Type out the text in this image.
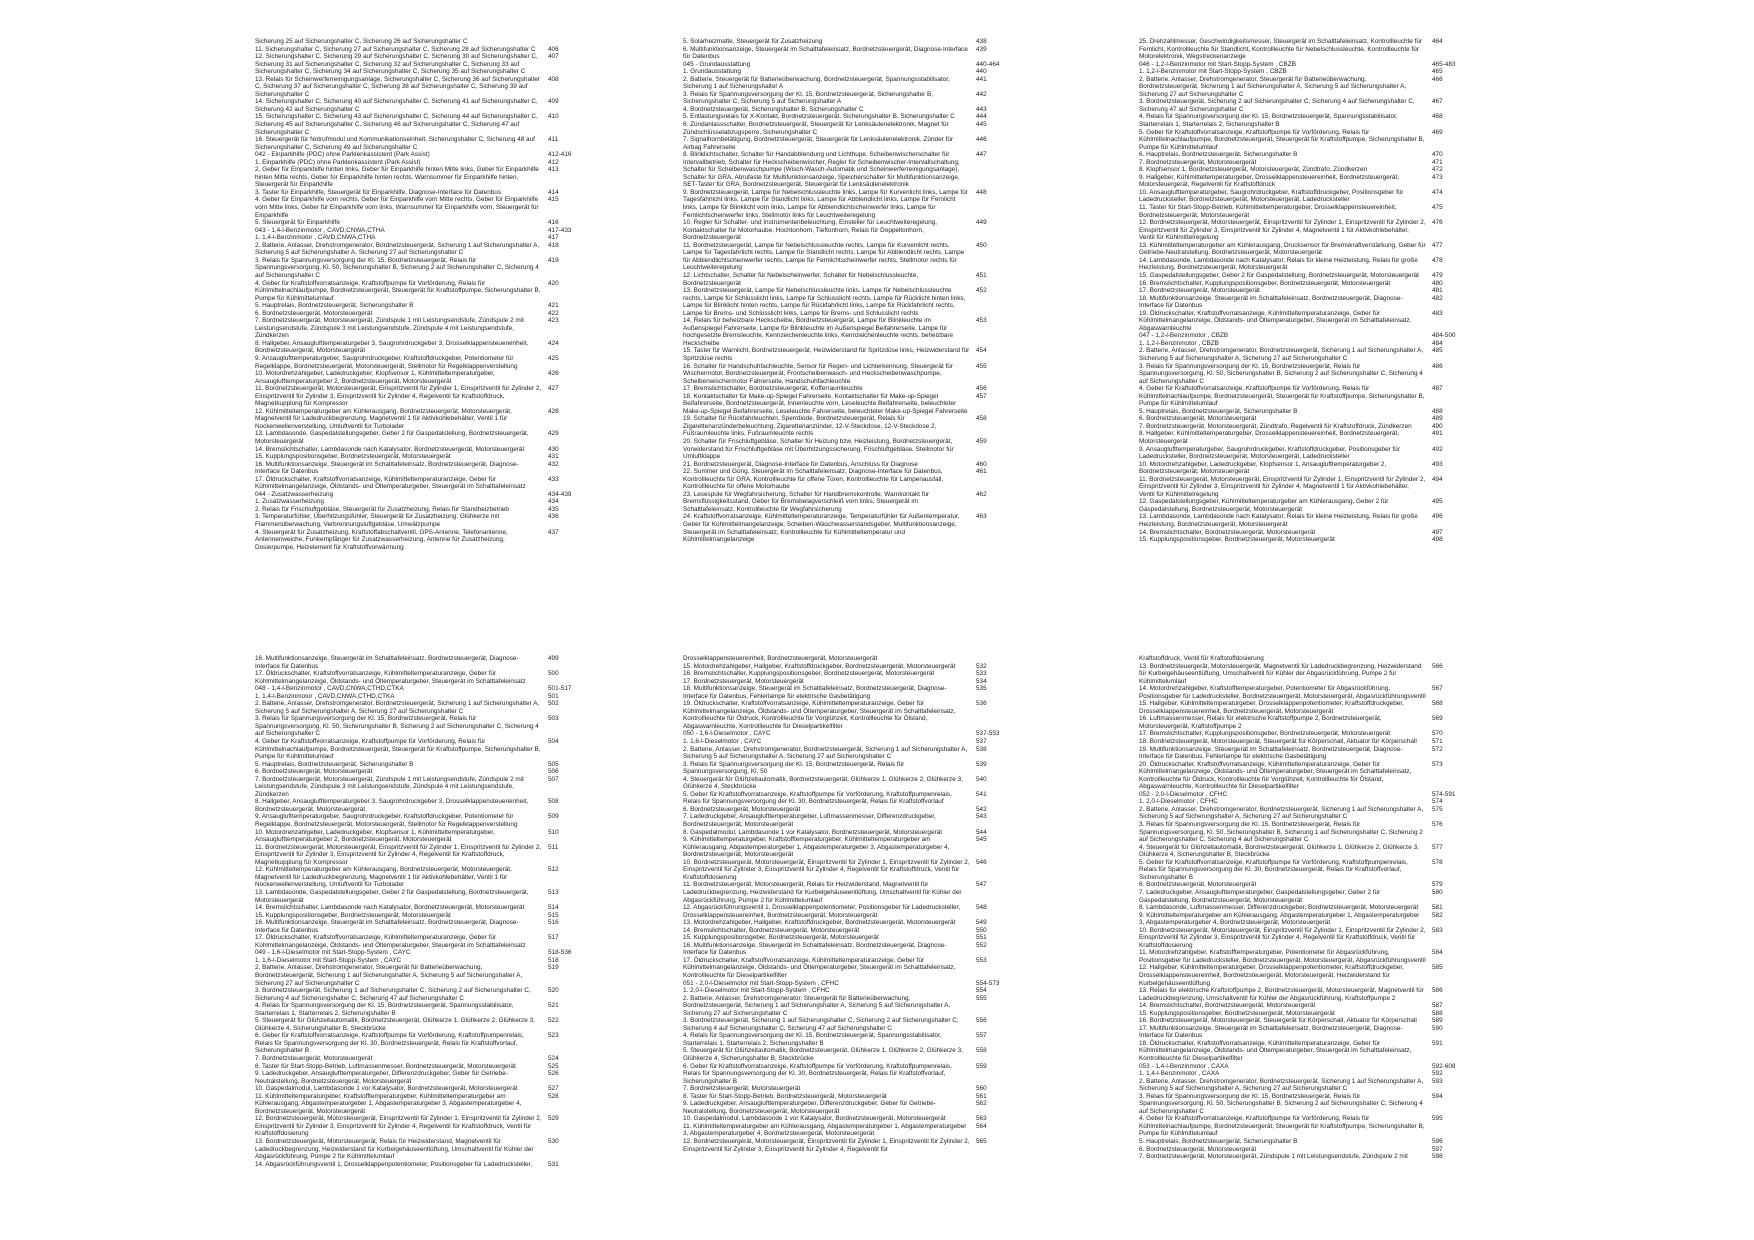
Sicherung 25 auf Sicherungshalter C, Sicherung 26 auf Sicherungshalter C
11. Sicherungshalter C, Sicherung 27 auf Sicherungshalter C, Sicherung 28 auf Sicherungshalter C	406
12. Sicherungshalter C, Sicherung 29 auf Sicherungshalter C, Sicherung 30 auf Sicherungshalter C, Sicherung 31 auf Sicherungshalter C, Sicherung 32 auf Sicherungshalter C, Sicherung 33 auf Sicherungshalter C, Sicherung 34 auf Sicherungshalter C, Sicherung 35 auf Sicherungshalter C
407
13. Relais für Scheinwerferreinigungsanlage, Sicherungshalter C, Sicherung 36 auf Sicherungshalter C, Sicherung 37 auf Sicherungshalter C, Sicherung 38 auf Sicherungshalter C, Sicherung 39 auf Sicherungshalter C
408
14. Sicherungshalter C, Sicherung 40 auf Sicherungshalter C, Sicherung 41 auf Sicherungshalter C, Sicherung 42 auf Sicherungshalter C
409
15. Sicherungshalter C, Sicherung 43 auf Sicherungshalter C, Sicherung 44 auf Sicherungshalter C, Sicherung 45 auf Sicherungshalter C, Sicherung 46 auf Sicherungshalter C, Sicherung 47 auf Sicherungshalter C
410
16. Steuergerät für Notrufmodul und Kommunikationseinheit, Sicherungshalter C, Sicherung 48 auf Sicherungshalter C, Sicherung 49 auf Sicherungshalter C
411
042 - Einparkhilfe (PDC) ohne Parklenkassistent (Park Assist)	412-416
1. Einparkhilfe (PDC) ohne Parklenkassistent (Park Assist)	412
2. Geber für Einparkhilfe hinten links, Geber für Einparkhilfe hinten Mitte links, Geber für Einparkhilfe hinten Mitte rechts, Geber für Einparkhilfe hinten rechts, Warnsummer für Einparkhilfe hinten, Steuergerät für Einparkhilfe
413
3. Taster für Einparkhilfe, Steuergerät für Einparkhilfe, Diagnose-Interface für Datenbus	414
4. Geber für Einparkhilfe vorn rechts, Geber für Einparkhilfe vorn Mitte rechts, Geber für Einparkhilfe vorn Mitte links, Geber für Einparkhilfe vorn links, Warnsummer für Einparkhilfe vorn, Steuergerät für Einparkhilfe
415
5. Steuergerät für Einparkhilfe	416
043 - 1,4-l-Benzinmotor , CAVD,CNWA,CTHA	417-433
1. 1,4-l-Benzinmotor , CAVD,CNWA,CTHA	417
2. Batterie, Anlasser, Drehstromgenerator, Bordnetzsteuergerät, Sicherung 1 auf Sicherungshalter A, Sicherung 5 auf Sicherungshalter A, Sicherung 27 auf Sicherungshalter C
418
3. Relais für Spannungsversorgung der Kl. 15, Bordnetzsteuergerät, Relais für Spannungsversorgung, Kl. 50, Sicherungshalter B, Sicherung 2 auf Sicherungshalter C, Sicherung 4 auf Sicherungshalter C
419
4. Geber für Kraftstoffvorratsanzeige, Kraftstoffpumpe für Vorförderung, Relais für Kühlmittelnachlaufpumpe, Bordnetzsteuergerät, Steuergerät für Kraftstoffpumpe, Sicherungshalter B, Pumpe für Kühlmittelumlauf
420
5. Hauptrelais, Bordnetzsteuergerät, Sicherungshalter B	421
6. Bordnetzsteuergerät, Motorsteuergerät	422
7. Bordnetzsteuergerät, Motorsteuergerät, Zündspule 1 mit Leistungsendstufe, Zündspule 2 mit Leistungsendstufe, Zündspule 3 mit Leistungsendstufe, Zündspule 4 mit Leistungsendstufe, Zündkerzen
423
8. Hallgeber, Ansauglufttemperaturgeber 3, Saugrohrdruckgeber 3, Drosselklappensteuereinheit, Bordnetzsteuergerät, Motorsteuergerät
424
9. Ansauglufttemperaturgeber, Saugrohrdruckgeber, Kraftstoffdruckgeber, Potentiometer für Regelklappe, Bordnetzsteuergerät, Motorsteuergerät, Stellmotor für Regelklappenverstellung
425
10. Motordrehzahlgeber, Ladedruckgeber, Klopfsensor 1, Kühlmitteltemperaturgeber, Ansauglufttemperaturgeber 2, Bordnetzsteuergerät, Motorsteuergerät
426
11. Bordnetzsteuergerät, Motorsteuergerät, Einspritzventil für Zylinder 1, Einspritzventil für Zylinder 2, Einspritzventil für Zylinder 3, Einspritzventil für Zylinder 4, Regelventil für Kraftstoffdruck, Magnetkupplung für Kompressor
427
12. Kühlmitteltemperaturgeber am Kühlerausgang, Bordnetzsteuergerät, Motorsteuergerät, Magnetventil für Ladedruckbegrenzung, Magnetventil 1 für Aktivkohlebehälter, Ventil 1 für Nockenwellenverstellung, Umluftventil für Turbolader
428
13. Lambdasonde, Gaspedalstellungsgeber, Geber 2 für Gaspedalstellung, Bordnetzsteuergerät, Motorsteuergerät
429
14. Bremslichtschalter, Lambdasonde nach Katalysator, Bordnetzsteuergerät, Motorsteuergerät	430
15. Kupplungspositionsgeber, Bordnetzsteuergerät, Motorsteuergerät	431
16. Multifunktionsanzeige, Steuergerät im Schalttafeleinsatz, Bordnetzsteuergerät, Diagnose-Interface für Datenbus
432
17. Öldruckschalter, Kraftstoffvorratsanzeige, Kühlmitteltemperaturanzeige, Geber für Kühlmittelmangelanzeige, Öldstands- und Öltemperaturgeber, Steuergerät im Schalttafeleinsatz
433
044 - Zusatzwasserheizung	434-439
1. Zusatzwasserheizung	434
2. Relais für Frischluftgebläse, Steuergerät für Zusatzheizung, Relais für Standheizbetrieb	435
3. Temperaturfühler, Überhitzungsfühler, Steuergerät für Zusatzheizung, Glühkerze mit Flammenüberwachung, Verbrennungsluftgebläse, Umwälzpumpe
436
4. Steuergerät für Zusatzheizung, Kraftstoffabschaltventil, GPS-Antenne, Telefonantenne, Antennenweiche, Funkempfänger für Zusatzwasserheizung, Antenne für Zusatzheizung, Dosierpumpe, Heizelement für Kraftstoffvorwärmung
437
5. Solarheizmatte, Steuergerät für Zusatzheizung	438
6. Multifunktionsanzeige, Steuergerät im Schalttafeleinsatz, Bordnetzsteuergerät, Diagnose-Interface für Datenbus
439
045 - Grundausstattung	440-464
1. Grundausstattung	440
2. Batterie, Steuergerät für Batterieüberwachung, Bordnetzsteuergerät, Spannungsstabilisator, Sicherung 1 auf Sicherungshalter A
441
3. Relais für Spannungsversorgung der Kl. 15, Bordnetzsteuergerät, Sicherungshalter B, Sicherungshalter C, Sicherung 5 auf Sicherungshalter A
442
4. Bordnetzsteuergerät, Sicherungshalter B, Sicherungshalter C	443
5. Entlastungsrelais für X-Kontakt, Bordnetzsteuergerät, Sicherungshalter B, Sicherungshalter C	444
6. Zündanlassschalter, Bordnetzsteuergerät, Steuergerät für Lenksäulenelektronik, Magnet für Zündschlüsselabzugsperre, Sicherungshalter C
445
7. Signalhornbetätigung, Bordnetzsteuergerät, Steuergerät für Lenksäulenelektronik, Zünder für Airbag Fahrerseite
446
8. Blinklichtschalter, Schalter für Handabblendung und Lichthupe, Scheibenwischerschalter für Intervallbetrieb, Schalter für Heckscheibenwischer, Regler für Scheibenwischer-Intervallschaltung, Schalter für Scheibenwaschpumpe (Wisch-Wasch-Automatik und Scheinwerferreinigungsanlage), Schalter für GRA, Abrufaste für Multifunktionsanzeige, Speicherschalter für Multifunktionsanzeige, SET-Taster für GRA, Bordnetzsteuergerät, Steuergerät für Lenksäulenelektronik
447
9. Bordnetzsteuergerät, Lampe für Nebelschlussleuchte links, Lampe für Kurvenlicht links, Lampe für Tagesfahrlicht links, Lampe für Standlicht links, Lampe für Abblendlicht links, Lampe für Fernlicht links, Lampe für Blinklicht vorn links, Lampe für Abbiendlichtscheinwerfer links, Lampe für Fernlichtscheinwerfer links, Stellmotor links für Leuchtweiteregelung
448
10. Regler für Schalter- und Instrumentenbeleuchtung, Einsteller für Leuchtweiteregelung, Kontaktschalter für Motorhaube, Hochtonhorn, Tieftonhorn, Relais für Doppeltonhorn, Bordnetzsteuergerät
449
11. Bordnetzsteuergerät, Lampe für Nebelschlussleuchte rechts, Lampe für Kurvenlicht rechts, Lampe für Tagesfahrlicht rechts, Lampe für Standlicht rechts, Lampe für Abblendlicht rechts, Lampe für Abbiendlichtscheinwerfer rechts, Lampe für Fernlichtscheinwerfer rechts, Stellmotor rechts für Leuchtweiteregelung
450
12. Lichtschalter, Schalter für Nebelscheinwerfer, Schalter für Nebelschlussleuchte, Bordnetzsteuergerät
451
13. Bordnetzsteuergerät, Lampe für Nebelschlussleuchte links, Lampe für Nebelschlussleuchte rechts, Lampe für Schlusslicht links, Lampe für Schlusslicht rechts, Lampe für Rücklicht hinten links, Lampe für Blinklicht hinten rechts, Lampe für Rückfahrlicht links, Lampe für Rückfahrlicht rechts, Lampe für Brems- und Schlusslicht links, Lampe für Brems- und Schlusslicht rechts
452
14. Relais für beheizbare Heckscheibe, Bordnetzsteuergerät, Lampe für Blinkleuchte im Außenspiegel Fahrerseite, Lampe für Blinkleuchte im Außenspiegel Beifahrerseite, Lampe für hochgesetzte Bremsleuchte, Kennzeichenleuchte links, Kennzeichenleuchte rechts, beheizbare Heckscheibe
453
15. Taster für Warnlicht, Bordnetzsteuergerät, Heizwiderstand für Spritzdüse links, Heizwiderstand für Spritzdüse rechts
454
16. Schalter für Handschuhfachleuchte, Sensor für Regen- und Lichterkennung, Steuergerät für Wischermotor, Bordnetzsteuergerät, Frontscheibenwasch- und Heckscheibenwaschpumpe, Scheibenwischermotor Fahrerseite, Handschuhfachleuchte
455
17. Bremslichtschalter, Bordnetzsteuergerät, Kofferraumleuchte	456
18. Kontaktschalter für Make-up-Spiegel Fahrerseite, Kontaktschalter für Make-up-Spiegel Beifahrerseite, Bordnetzsteuergerät, Innenleuchte vorn, Leseleuchte Beifahrerseite, beleuchteter Make-up-Spiegel Beifahrerseite, Leseleuchte Fahrerseite, beleuchteter Make-up-Spiegel Fahrerseite
457
19. Schalter für Rückfahrleuchten, Sperrdiode, Bordnetzsteuergerät, Relais für Zigarettenanzünderbeleuchtung, Zigarettenanzünder, 12-V-Steckdose, 12-V-Steckdose 2, Fußraumleuchte links, Fußraumleuchte rechts
458
20. Schalter für Frischluftgebläse, Schalter für Heizung bzw. Heizleistung, Bordnetzsteuergerät, Vorwiderstand für Frischluftgebläse mit Überhitzungssicherung, Frischluftgebläse, Stellmotor für Umluftklappe
459
21. Bordnetzsteuergerät, Diagnose-Interface für Datenbus, Anschluss für Diagnose	460
22. Summer und Gong, Steuergerät im Schalttafeleinsatz, Diagnose-Interface für Datenbus, Kontrollleuchte für GRA, Kontrollleuchte für offene Türen, Kontrollleuchte für Lampenausfall, Kontrollleuchte für offene Motorhaube
461
23. Lesespule für Wegfahrsicherung, Schalter für Handbremskontrolle, Warnkontakt für Bremsflüssigkeitsstand, Geber für Bremsbelagverschleiß vorn links, Steuergerät im Schalttafeleinsatz, Kontrollleuchte für Wegfahrsicherung
462
24. Kraftstoffvorratsanzeige, Kühlmitteltemperaturanzeige, Temperaturfühler für Außentemperatur, Geber für Kühlmittelmangelanzeige, Scheiben-Waschwasserstandsgeber, Multifunktionsanzeige, Steuergerät im Schalttafeleinsatz, Kontrollleuchte für Kühlmitteltemperatur und Kühlmittelmangelanzeige
463
25. Drehzahlmesser, Geschwindigkeitsmesser, Steuergerät im Schalttafeleinsatz, Kontrollleuchte für Fernlicht, Kontrollleuchte für Standlicht, Kontrollleuchte für Nebelschlussleuchte, Kontrollleuchte für Motorelektronik, Wegstreckenanzeige
464
046 - 1,2-l-Benzinmotor mit Start-Stopp-System , CBZB	465-483
1. 1,2-l-Benzinmotor mit Start-Stopp-System , CBZB	465
2. Batterie, Anlasser, Drehstromgenerator, Steuergerät für Batterieüberwachung, Bordnetzsteuergerät, Sicherung 1 auf Sicherungshalter A, Sicherung 5 auf Sicherungshalter A, Sicherung 27 auf Sicherungshalter C
466
3. Bordnetzsteuergerät, Sicherung 2 auf Sicherungshalter C, Sicherung 4 auf Sicherungshalter C, Sicherung 47 auf Sicherungshalter C
467
4. Relais für Spannungsversorgung der Kl. 15, Bordnetzsteuergerät, Spannungsstabilisator, Starterrelais 1, Starterrelais 2, Sicherungshalter B
468
5. Geber für Kraftstoffvorratsanzeige, Kraftstoffpumpe für Vorförderung, Relais für Kühlmittelnachlaufpumpe, Bordnetzsteuergerät, Steuergerät für Kraftstoffpumpe, Sicherungshalter B, Pumpe für Kühlmittelumlauf
469
6. Hauptrelais, Bordnetzsteuergerät, Sicherungshalter B	470
7. Bordnetzsteuergerät, Motorsteuergerät	471
8. Klopfsensor 1, Bordnetzsteuergerät, Motorsteuergerät, Zündtrafo, Zündkerzen	472
9. Hallgeber, Kühlmitteltemperaturgeber, Drosselklappensteuereinheit, Bordnetzsteuergerät, Motorsteuergerät, Regelventil für Kraftstoffdruck
473
10. Ansauglufttemperaturgeber, Saugrohrdruckgeber, Kraftstoffdruckgeber, Positionsgeber für Ladedrucksteller, Bordnetzsteuergerät, Motorsteuergerät, Ladedrucksteller
474
11. Taster für Start-Stopp-Betrieb, Kühlmitteltemperaturgeber, Drosselklappensteuereinheit, Bordnetzsteuergerät, Motorsteuergerät
475
12. Bordnetzsteuergerät, Motorsteuergerät, Einspritzventil für Zylinder 1, Einspritzventil für Zylinder 2, Einspritzventil für Zylinder 3, Einspritzventil für Zylinder 4, Magnetventil 1 für Aktivkohlebehälter, Ventil für Kühlmittelregelung
476
13. Kühlmitteltemperaturgeber am Kühlerausgang, Drucksensor für Bremskraftverstärkung, Geber für Getriebe-Neutralstellung, Bordnetzsteuergerät, Motorsteuergerät
477
14. Lambdasonde, Lambdasonde nach Katalysator, Relais für kleine Heizleistung, Relais für große Heizleistung, Bordnetzsteuergerät, Motorsteuergerät
478
15. Gaspedalstellungsgeber, Geber 2 für Gaspedalstellung, Bordnetzsteuergerät, Motorsteuergerät	479
16. Bremslichtschalter, Kupplungspositionsgeber, Bordnetzsteuergerät, Motorsteuergerät	480
17. Bordnetzsteuergerät, Motorsteuergerät	481
18. Multifunktionsanzeige, Steuergerät im Schalttafeleinsatz, Bordnetzsteuergerät, Diagnose-Interface für Datenbus
482
19. Öldruckschalter, Kraftstoffvorratsanzeige, Kühlmitteltemperaturanzeige, Geber für Kühlmittelmangelanzeige, Öldstands- und Öltemperaturgeber, Steuergerät im Schalttafeleinsatz, Abgaswarnleuchte
483
047 - 1,2-l-Benzinmotor , CBZB	484-500
1. 1,2-l-Benzinmotor , CBZB	484
2. Batterie, Anlasser, Drehstromgenerator, Bordnetzsteuergerät, Sicherung 1 auf Sicherungshalter A, Sicherung 5 auf Sicherungshalter A, Sicherung 27 auf Sicherungshalter C
485
3. Relais für Spannungsversorgung der Kl. 15, Bordnetzsteuergerät, Relais für Spannungsversorgung, Kl. 50, Sicherungshalter B, Sicherung 2 auf Sicherungshalter C, Sicherung 4 auf Sicherungshalter C
486
4. Geber für Kraftstoffvorratsanzeige, Kraftstoffpumpe für Vorförderung, Relais für Kühlmittelnachlaufpumpe, Bordnetzsteuergerät, Steuergerät für Kraftstoffpumpe, Sicherungshalter B, Pumpe für Kühlmittelumlauf
487
5. Hauptrelais, Bordnetzsteuergerät, Sicherungshalter B	488
6. Bordnetzsteuergerät, Motorsteuergerät	489
7. Bordnetzsteuergerät, Motorsteuergerät, Zündtrafo, Regelventil für Kraftstoffdruck, Zündkerzen	490
8. Hallgeber, Kühlmitteltemperaturgeber, Drosselklappensteuereinheit, Bordnetzsteuergerät, Motorsteuergerät
491
9. Ansauglufttemperaturgeber, Saugrohrdruckgeber, Kraftstoffdruckgeber, Positionsgeber für Ladedrucksteller, Bordnetzsteuergerät, Motorsteuergerät, Ladedrucksteller
492
10. Motordrehzahlgeber, Ladedruckgeber, Klopfsensor 1, Ansauglufttemperaturgeber 2, Bordnetzsteuergerät, Motorsteuergerät
493
11. Bordnetzsteuergerät, Motorsteuergerät, Einspritzventil für Zylinder 1, Einspritzventil für Zylinder 2, Einspritzventil für Zylinder 3, Einspritzventil für Zylinder 4, Magnetventil 1 für Aktivkohlebehälter, Ventil für Kühlmittelregelung
494
12. Gaspedalstellungsgeber, Kühlmitteltemperaturgeber am Kühlerausgang, Geber 2 für Gaspedalstellung, Bordnetzsteuergerät, Motorsteuergerät
495
13. Lambdasonde, Lambdasonde nach Katalysator, Relais für kleine Heizleistung, Relais für große Heizleistung, Bordnetzsteuergerät, Motorsteuergerät
496
14. Bremslichtschalter, Bordnetzsteuergerät, Motorsteuergerät	497
15. Kupplungspositionsgeber, Bordnetzsteuergerät, Motorsteuergerät	498
16. Multifunktionsanzeige, Steuergerät im Schalttafeleinsatz, Bordnetzsteuergerät, Diagnose-Interface für Datenbus
499
17. Öldruckschalter, Kraftstoffvorratsanzeige, Kühlmitteltemperaturanzeige, Geber für Kühlmittelmangelanzeige, Öldstands- und Öltemperaturgeber, Steuergerät im Schalttafeleinsatz
500
048 - 1,4-l-Benzinmotor , CAVD,CNWA,CTHD,CTKA	501-517
1. 1,4-l-Benzinmotor , CAVD,CNWA,CTHD,CTKA	501
2. Batterie, Anlasser, Drehstromgenerator, Bordnetzsteuergerät, Sicherung 1 auf Sicherungshalter A, Sicherung 5 auf Sicherungshalter A, Sicherung 27 auf Sicherungshalter C
502
3. Relais für Spannungsversorgung der Kl. 15, Bordnetzsteuergerät, Relais für Spannungsversorgung, Kl. 50, Sicherungshalter B, Sicherung 2 auf Sicherungshalter C, Sicherung 4 auf Sicherungshalter C
503
4. Geber für Kraftstoffvorratsanzeige, Kraftstoffpumpe für Vorförderung, Relais für Kühlmittelnachlaufpumpe, Bordnetzsteuergerät, Steuergerät für Kraftstoffpumpe, Sicherungshalter B, Pumpe für Kühlmittelumlauf
504
5. Hauptrelais, Bordnetzsteuergerät, Sicherungshalter B	505
6. Bordnetzsteuergerät, Motorsteuergerät	506
7. Bordnetzsteuergerät, Motorsteuergerät, Zündspule 1 mit Leistungsendstufe, Zündspule 2 mit Leistungsendstufe, Zündspule 3 mit Leistungsendstufe, Zündspule 4 mit Leistungsendstufe, Zündkerzen
507
8. Hallgeber, Ansauglufttemperaturgeber 3, Saugrohrdruckgeber 3, Drosselklappensteuereinheit, Bordnetzsteuergerät, Motorsteuergerät
508
9. Ansauglufttemperaturgeber, Saugrohrdruckgeber, Kraftstoffdruckgeber, Potentiometer für Regelklappe, Bordnetzsteuergerät, Motorsteuergerät, Stellmotor für Regelklappenverstellung
509
10. Motordrehzahlgeber, Ladedruckgeber, Klopfsensor 1, Kühlmitteltemperaturgeber, Ansauglufttemperaturgeber 2, Bordnetzsteuergerät, Motorsteuergerät
510
11. Bordnetzsteuergerät, Motorsteuergerät, Einspritzventil für Zylinder 1, Einspritzventil für Zylinder 2, Einspritzventil für Zylinder 3, Einspritzventil für Zylinder 4, Regelventil für Kraftstoffdruck, Magnetkupplung für Kompressor
511
12. Kühlmitteltemperaturgeber am Kühlerausgang, Bordnetzsteuergerät, Motorsteuergerät, Magnetventil für Ladedruckbegrenzung, Magnetventil 1 für Aktivkohlebehälter, Ventil 1 für Nockenwellenverstellung, Umluftventil für Turbolader
512
13. Lambdasonde, Gaspedalstellungsgeber, Geber 2 für Gaspedalstellung, Bordnetzsteuergerät, Motorsteuergerät
513
14. Bremslichtschalter, Lambdasonde nach Katalysator, Bordnetzsteuergerät, Motorsteuergerät	514
15. Kupplungspositionsgeber, Bordnetzsteuergerät, Motorsteuergerät	515
16. Multifunktionsanzeige, Steuergerät im Schalttafeleinsatz, Bordnetzsteuergerät, Diagnose-Interface für Datenbus
516
17. Öldruckschalter, Kraftstoffvorratsanzeige, Kühlmitteltemperaturanzeige, Geber für Kühlmittelmangelanzeige, Öldstands- und Öltemperaturgeber, Steuergerät im Schalttafeleinsatz
517
049 - 1,6-l-Dieselmotor mit Start-Stopp-System , CAYC	518-536
1. 1,6-l-Dieselmotor mit Start-Stopp-System , CAYC	518
2. Batterie, Anlasser, Drehstromgenerator, Steuergerät für Batterieüberwachung, Bordnetzsteuergerät, Sicherung 1 auf Sicherungshalter A, Sicherung 5 auf Sicherungshalter A, Sicherung 27 auf Sicherungshalter C
519
3. Bordnetzsteuergerät, Sicherung 1 auf Sicherungshalter C, Sicherung 2 auf Sicherungshalter C, Sicherung 4 auf Sicherungshalter C, Sicherung 47 auf Sicherungshalter C
520
4. Relais für Spannungsversorgung der Kl. 15, Bordnetzsteuergerät, Spannungsstabilisator, Starterrelais 1, Starterrelais 2, Sicherungshalter B
521
5. Steuergerät für Glühzeitautomatik, Bordnetzsteuergerät, Glühkerze 1, Glühkerze 2, Glühkerze 3, Glühkerze 4, Sicherungshalter B, Steckbrücke
522
6. Geber für Kraftstoffvorratsanzeige, Kraftstoffpumpe für Vorförderung, Kraftstoffpumpenrelais, Relais für Spannungsversorgung der Kl. 30, Bordnetzsteuergerät, Relais für Kraftstoffvorlauf, Sicherungshalter B
523
7. Bordnetzsteuergerät, Motorsteuergerät	524
8. Taster für Start-Stopp-Betrieb, Luftmassenmesser, Bordnetzsteuergerät, Motorsteuergerät	525
9. Ladedruckgeber, Ansauglufttemperaturgeber, Differenzdruckgeber, Geber für Getriebe-Neutralstellung, Bordnetzsteuergerät, Motorsteuergerät
526
10. Gaspedalmodul, Lambdasonde 1 vor Katalysator, Bordnetzsteuergerät, Motorsteuergerät	527
11. Kühlmitteltemperaturgeber, Kraftstofftemperaturgeber, Kühlmitteltemperaturgeber am Kühlerausgang, Abgastemperaturgeber 1, Abgastemperaturgeber 3, Abgastemperaturgeber 4, Bordnetzsteuergerät, Motorsteuergerät
528
12. Bordnetzsteuergerät, Motorsteuergerät, Einspritzventil für Zylinder 1, Einspritzventil für Zylinder 2, Einspritzventil für Zylinder 3, Einspritzventil für Zylinder 4, Regelventil für Kraftstoffdruck, Ventil für Kraftstoffdosierung
529
13. Bordnetzsteuergerät, Motorsteuergerät, Relais für Heizwiderstand, Magnetventil für Ladedruckbegrenzung, Heizwiderstand für Kurbelgehäuseentlüftung, Umschaltventil für Kühler der Abgasrückführung, Pumpe 2 für Kühlmittelumlauf
530
14. Abgasrückführungsventil 1, Drosselklappenpotentiometer, Positionsgeber für Ladedrucksteller,	531
Drosselklappensteuereinheit, Bordnetzsteuergerät, Motorsteuergerät
15. Motordrehzahlgeber, Hallgeber, Kraftstoffdruckgeber, Bordnetzsteuergerät, Motorsteuergerät	532
16. Bremslichtschalter, Kupplungspositionsgeber, Bordnetzsteuergerät, Motorsteuergerät	533
17. Bordnetzsteuergerät, Motorsteuergerät	534
18. Multifunktionsanzeige, Steuergerät im Schalttafeleinsatz, Bordnetzsteuergerät, Diagnose-Interface für Datenbus, Fehlerlampe für elektrische Gasbetätigung
535
19. Öldruckschalter, Kraftstoffvorratsanzeige, Kühlmitteltemperaturanzeige, Geber für Kühlmittelmangelanzeige, Öldstands- und Öltemperaturgeber, Steuergerät im Schalttafeleinsatz, Kontrollleuchte für Öldruck, Kontrollleuchte für Vorglühzeit, Kontrollleuchte für Ölstand, Abgaswarnleuchte, Kontrollleuchte für Dieselpartikelfilter
536
050 - 1,6-l-Dieselmotor , CAYC	537-553
1. 1,6-l-Dieselmotor , CAYC	537
2. Batterie, Anlasser, Drehstromgenerator, Bordnetzsteuergerät, Sicherung 1 auf Sicherungshalter A, Sicherung 5 auf Sicherungshalter A, Sicherung 27 auf Sicherungshalter C
538
3. Relais für Spannungsversorgung der Kl. 15, Bordnetzsteuergerät, Relais für Spannungsversorgung, Kl. 50
539
4. Steuergerät für Glühzeitautomatik, Bordnetzsteuergerät, Glühkerze 1, Glühkerze 2, Glühkerze 3, Glühkerze 4, Steckbrücke
540
5. Geber für Kraftstoffvorratsanzeige, Kraftstoffpumpe für Vorförderung, Kraftstoffpumpenrelais, Relais für Spannungsversorgung der Kl. 30, Bordnetzsteuergerät, Relais für Kraftstoffvorlauf
541
6. Bordnetzsteuergerät, Motorsteuergerät	542
7. Ladedruckgeber, Ansauglufttemperaturgeber, Luftmassenmesser, Differenzdruckgeber, Bordnetzsteuergerät, Motorsteuergerät
543
8. Gaspedalmodul, Lambdasonde 1 vor Katalysator, Bordnetzsteuergerät, Motorsteuergerät	544
9. Kühlmitteltemperaturgeber, Kraftstofftemperaturgeber, Kühlmitteltemperaturgeber am Kühlerausgang, Abgastemperaturgeber 1, Abgastemperaturgeber 3, Abgastemperaturgeber 4, Bordnetzsteuergerät, Motorsteuergerät
545
10. Bordnetzsteuergerät, Motorsteuergerät, Einspritzventil für Zylinder 1, Einspritzventil für Zylinder 2, Einspritzventil für Zylinder 3, Einspritzventil für Zylinder 4, Regelventil für Kraftstoffdruck, Ventil für Kraftstoffdosierung
546
11. Bordnetzsteuergerät, Motorsteuergerät, Relais für Heizwiderstand, Magnetventil für Ladedruckbegrenzung, Heizwiderstand für Kurbelgehäuseentlüftung, Umschaltventil für Kühler der Abgasrückführung, Pumpe 2 für Kühlmittelumlauf
547
12. Abgasrückführungsventil 1, Drosselklappenpotentiometer, Positionsgeber für Ladedrucksteller, Drosselklappensteuereinheit, Bordnetzsteuergerät, Motorsteuergerät
548
13. Motordrehzahlgeber, Hallgeber, Kraftstoffdruckgeber, Bordnetzsteuergerät, Motorsteuergerät	549
14. Bremslichtschalter, Bordnetzsteuergerät, Motorsteuergerät	550
15. Kupplungspositionsgeber, Bordnetzsteuergerät, Motorsteuergerät	551
16. Multifunktionsanzeige, Steuergerät im Schalttafeleinsatz, Bordnetzsteuergerät, Diagnose-Interface für Datenbus
552
17. Öldruckschalter, Kraftstoffvorratsanzeige, Kühlmitteltemperaturanzeige, Geber für Kühlmittelmangelanzeige, Öldstands- und Öltemperaturgeber, Steuergerät im Schalttafeleinsatz, Kontrollleuchte für Dieselpartikelfilter
553
051 - 2,0-l-Dieselmotor mit Start-Stopp-System , CFHC	554-573
1. 2,0-l-Dieselmotor mit Start-Stopp-System , CFHC	554
2. Batterie, Anlasser, Drehstromgenerator, Steuergerät für Batterieüberwachung, Bordnetzsteuergerät, Sicherung 1 auf Sicherungshalter A, Sicherung 5 auf Sicherungshalter A, Sicherung 27 auf Sicherungshalter C
555
3. Bordnetzsteuergerät, Sicherung 1 auf Sicherungshalter C, Sicherung 2 auf Sicherungshalter C, Sicherung 4 auf Sicherungshalter C, Sicherung 47 auf Sicherungshalter C
556
4. Relais für Spannungsversorgung der Kl. 15, Bordnetzsteuergerät, Spannungsstabilisator, Starterrelais 1, Starterrelais 2, Sicherungshalter B
557
5. Steuergerät für Glühzeitautomatik, Bordnetzsteuergerät, Glühkerze 1, Glühkerze 2, Glühkerze 3, Glühkerze 4, Sicherungshalter B, Steckbrücke
558
6. Geber für Kraftstoffvorratsanzeige, Kraftstoffpumpe für Vorförderung, Kraftstoffpumpenrelais, Relais für Spannungsversorgung der Kl. 30, Bordnetzsteuergerät, Relais für Kraftstoffvorlauf, Sicherungshalter B
559
7. Bordnetzsteuergerät, Motorsteuergerät	560
8. Taster für Start-Stopp-Betrieb, Bordnetzsteuergerät, Motorsteuergerät	561
9. Ladedruckgeber, Ansauglufttemperaturgeber, Differenzdruckgeber, Geber für Getriebe-Neutralstellung, Bordnetzsteuergerät, Motorsteuergerät
562
10. Gaspedalmodul, Lambdasonde 1 vor Katalysator, Bordnetzsteuergerät, Motorsteuergerät	563
11. Kühlmitteltemperaturgeber am Kühlerausgang, Abgastemperaturgeber 1, Abgastemperaturgeber 3, Abgastemperaturgeber 4, Bordnetzsteuergerät, Motorsteuergerät
564
12. Bordnetzsteuergerät, Motorsteuergerät, Einspritzventil für Zylinder 1, Einspritzventil für Zylinder 2, Einspritzventil für Zylinder 3, Einspritzventil für Zylinder 4, Regelventil für
565
Kraftstoffdruck, Ventil für Kraftstoffdosierung
13. Bordnetzsteuergerät, Motorsteuergerät, Magnetventil für Ladedruckbegrenzung, Heizwiderstand für Kurbelgehäuseentlüftung, Umschaltventil für Kühler der Abgasrückführung, Pumpe 2 für Kühlmittelumlauf
566
14. Motordrehzahlgeber, Kraftstofftemperaturgeber, Potentiometer für Abgasrückführung, Positionsgeber für Ladedrucksteller, Bordnetzsteuergerät, Motorsteuergerät, Abgasrückführungsventil
567
15. Hallgeber, Kühlmitteltemperaturgeber, Drosselklappenpotentiometer, Kraftstoffdruckgeber, Drosselklappensteuereinheit, Bordnetzsteuergerät, Motorsteuergerät
568
16. Luftmassenmesser, Relais für elektrische Kraftstoffpumpe 2, Bordnetzsteuergerät, Motorsteuergerät, Kraftstoffpumpe 2
569
17. Bremslichtschalter, Kupplungspositionsgeber, Bordnetzsteuergerät, Motorsteuergerät	570
18. Bordnetzsteuergerät, Motorsteuergerät, Steuergerät für Körperschall, Aktuator für Körperschall	571
19. Multifunktionsanzeige, Steuergerät im Schalttafeleinsatz, Bordnetzsteuergerät, Diagnose-Interface für Datenbus, Fehlerlampe für elektrische Gasbetätigung
572
20. Öldruckschalter, Kraftstoffvorratsanzeige, Kühlmitteltemperaturanzeige, Geber für Kühlmittelmangelanzeige, Öldstands- und Öltemperaturgeber, Steuergerät im Schalttafeleinsatz, Kontrollleuchte für Öldruck, Kontrollleuchte für Vorglühzeit, Kontrollleuchte für Ölstand, Abgaswarnleuchte, Kontrollleuchte für Dieselpartikelfilter
573
052 - 2,0-l-Dieselmotor , CFHC	574-591
1. 2,0-l-Dieselmotor , CFHC	574
2. Batterie, Anlasser, Drehstromgenerator, Bordnetzsteuergerät, Sicherung 1 auf Sicherungshalter A, Sicherung 5 auf Sicherungshalter A, Sicherung 27 auf Sicherungshalter C
575
3. Relais für Spannungsversorgung der Kl. 15, Bordnetzsteuergerät, Relais für Spannungsversorgung, Kl. 50, Sicherungshalter B, Sicherung 1 auf Sicherungshalter C, Sicherung 2 auf Sicherungshalter C, Sicherung 4 auf Sicherungshalter C
576
4. Steuergerät für Glühzeitautomatik, Bordnetzsteuergerät, Glühkerze 1, Glühkerze 2, Glühkerze 3, Glühkerze 4, Sicherungshalter B, Steckbrücke
577
5. Geber für Kraftstoffvorratsanzeige, Kraftstoffpumpe für Vorförderung, Kraftstoffpumpenrelais, Relais für Spannungsversorgung der Kl. 30, Bordnetzsteuergerät, Relais für Kraftstoffvorlauf, Sicherungshalter B
578
6. Bordnetzsteuergerät, Motorsteuergerät	579
7. Ladedruckgeber, Ansauglufttemperaturgeber, Gaspedalstellungsgeber, Geber 2 für Gaspedalstellung, Bordnetzsteuergerät, Motorsteuergerät
580
8. Lambdasonde, Luftmassenmesser, Differenzdruckgeber, Bordnetzsteuergerät, Motorsteuergerät	581
9. Kühlmitteltemperaturgeber am Kühlerausgang, Abgastemperaturgeber 1, Abgastemperaturgeber 3, Abgastemperaturgeber 4, Bordnetzsteuergerät, Motorsteuergerät
582
10. Bordnetzsteuergerät, Motorsteuergerät, Einspritzventil für Zylinder 1, Einspritzventil für Zylinder 2, Einspritzventil für Zylinder 3, Einspritzventil für Zylinder 4, Regelventil für Kraftstoffdruck, Ventil für Kraftstoffdosierung
583
11. Motordrehzahlgeber, Kraftstofftemperaturgeber, Potentiometer für Abgasrückführung, Positionsgeber für Ladedrucksteller, Bordnetzsteuergerät, Motorsteuergerät, Abgasrückführungsventil
584
12. Hallgeber, Kühlmitteltemperaturgeber, Drosselklappenpotentiometer, Kraftstoffdruckgeber, Drosselklappensteuereinheit, Bordnetzsteuergerät, Motorsteuergerät, Heizwiderstand für Kurbelgehäuseentlüftung
585
13. Relais für elektrische Kraftstoffpumpe 2, Bordnetzsteuergerät, Motorsteuergerät, Magnetventil für Ladedruckbegrenzung, Umschaltventil für Kühler der Abgasrückführung, Kraftstoffpumpe 2
586
14. Bremslichtschalter, Bordnetzsteuergerät, Motorsteuergerät	587
15. Kupplungspositionsgeber, Bordnetzsteuergerät, Motorsteuergerät	588
16. Bordnetzsteuergerät, Motorsteuergerät, Steuergerät für Körperschall, Aktuator für Körperschall	589
17. Multifunktionsanzeige, Steuergerät im Schalttafeleinsatz, Bordnetzsteuergerät, Diagnose-Interface für Datenbus
590
18. Öldruckschalter, Kraftstoffvorratsanzeige, Kühlmitteltemperaturanzeige, Geber für Kühlmittelmangelanzeige, Öldstands- und Öltemperaturgeber, Steuergerät im Schalttafeleinsatz, Kontrollleuchte für Dieselpartikelfilter
591
053 - 1,4-l-Benzinmotor , CAXA	592-608
1. 1,4-l-Benzinmotor , CAXA	592
2. Batterie, Anlasser, Drehstromgenerator, Bordnetzsteuergerät, Sicherung 1 auf Sicherungshalter A, Sicherung 5 auf Sicherungshalter A, Sicherung 27 auf Sicherungshalter C
593
3. Relais für Spannungsversorgung der Kl. 15, Bordnetzsteuergerät, Relais für Spannungsversorgung, Kl. 50, Sicherungshalter B, Sicherung 2 auf Sicherungshalter C, Sicherung 4 auf Sicherungshalter C
594
4. Geber für Kraftstoffvorratsanzeige, Kraftstoffpumpe für Vorförderung, Relais für Kühlmittelnachlaufpumpe, Bordnetzsteuergerät, Steuergerät für Kraftstoffpumpe, Sicherungshalter B, Pumpe für Kühlmittelumlauf
595
5. Hauptrelais, Bordnetzsteuergerät, Sicherungshalter B	596
6. Bordnetzsteuergerät, Motorsteuergerät	597
7. Bordnetzsteuergerät, Motorsteuergerät, Zündspule 1 mit Leistungsendstufe, Zündspule 2 mit	598
